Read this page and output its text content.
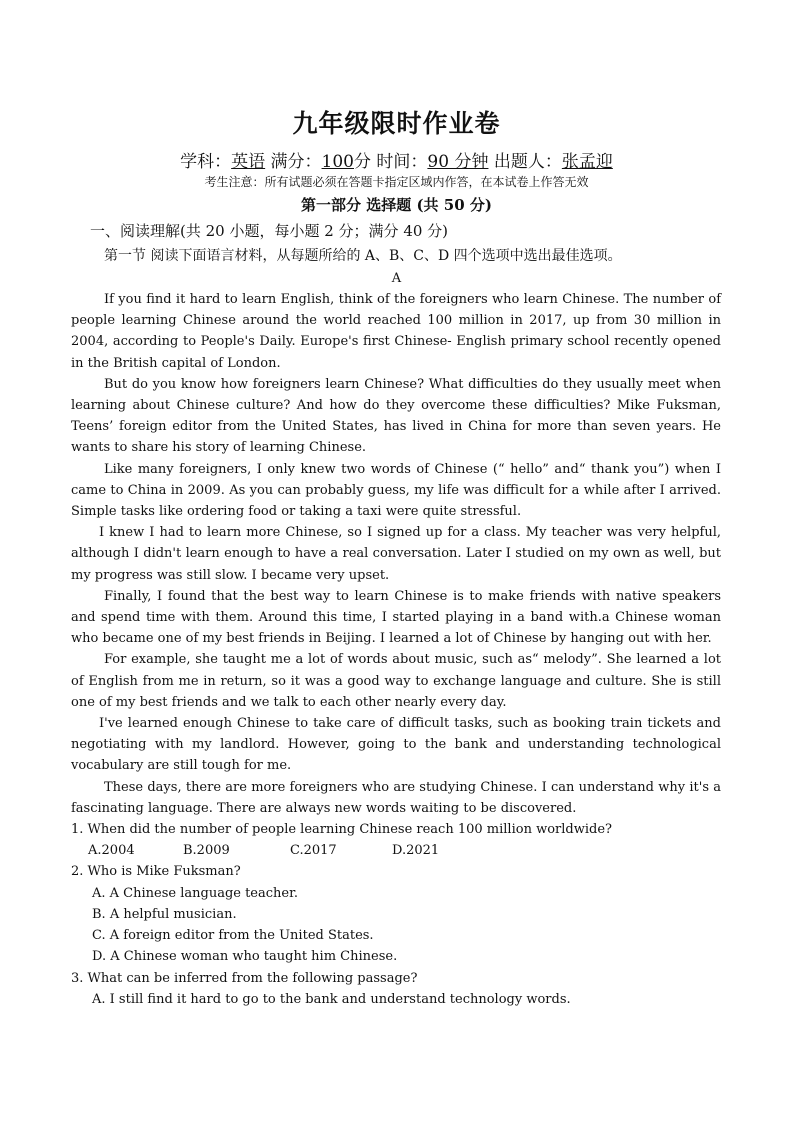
九年级限时作业卷
学科：英语 满分：100分 时间：90 分钟 出题人：张孟迎
考生注意：所有试题必须在答题卡指定区域内作答，在本试卷上作答无效
第一部分 选择题 (共 50 分)
一、阅读理解(共 20 小题，每小题 2 分；满分 40 分)
第一节 阅读下面语言材料，从每题所给的 A、B、C、D 四个选项中选出最佳选项。
A

If you find it hard to learn English, think of the foreigners who learn Chinese. The number of people learning Chinese around the world reached 100 million in 2017, up from 30 million in 2004, according to People's Daily. Europe's first Chinese- English primary school recently opened in the British capital of London.

But do you know how foreigners learn Chinese? What difficulties do they usually meet when learning about Chinese culture? And how do they overcome these difficulties? Mike Fuksman, Teens’ foreign editor from the United States, has lived in China for more than seven years. He wants to share his story of learning Chinese.

Like many foreigners, I only knew two words of Chinese (“ hello” and“ thank you”) when I came to China in 2009. As you can probably guess, my life was difficult for a while after I arrived. Simple tasks like ordering food or taking a taxi were quite stressful.

I knew I had to learn more Chinese, so I signed up for a class. My teacher was very helpful, although I didn't learn enough to have a real conversation. Later I studied on my own as well, but my progress was still slow. I became very upset.

Finally, I found that the best way to learn Chinese is to make friends with native speakers and spend time with them. Around this time, I started playing in a band with.a Chinese woman who became one of my best friends in Beijing. I learned a lot of Chinese by hanging out with her.

For example, she taught me a lot of words about music, such as“ melody”. She learned a lot of English from me in return, so it was a good way to exchange language and culture. She is still one of my best friends and we talk to each other nearly every day.

I've learned enough Chinese to take care of difficult tasks, such as booking train tickets and negotiating with my landlord. However, going to the bank and understanding technological vocabulary are still tough for me.

These days, there are more foreigners who are studying Chinese. I can understand why it's a fascinating language. There are always new words waiting to be discovered.

1. When did the number of people learning Chinese reach 100 million worldwide?

A.2004	B.2009	C.2017	D.2021

2. Who is Mike Fuksman?

A. A Chinese language teacher.

B. A helpful musician.

C. A foreign editor from the United States.

D. A Chinese woman who taught him Chinese.

3. What can be inferred from the following passage?

A. I still find it hard to go to the bank and understand technology words.
